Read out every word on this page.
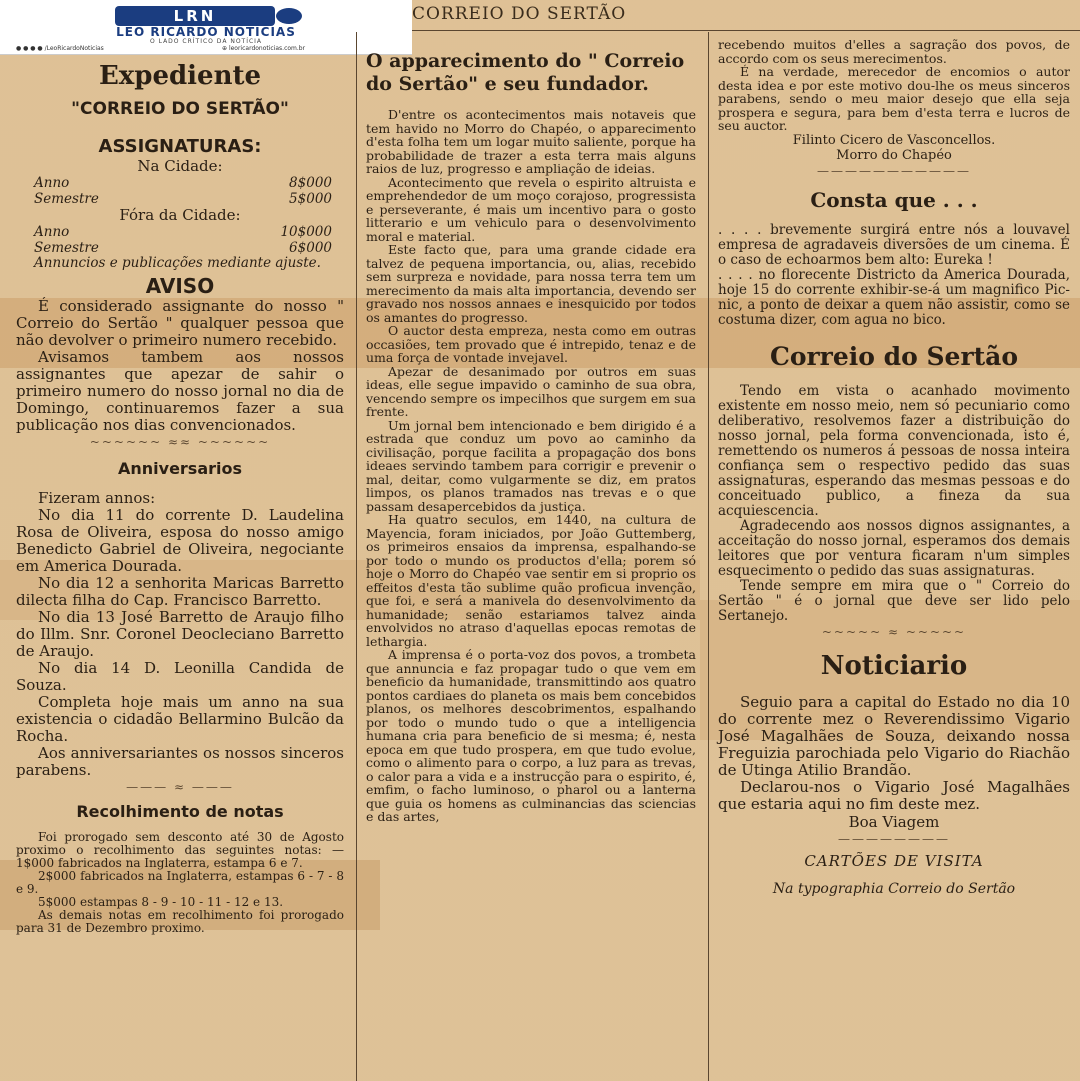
LRN
LEO RICARDO NOTÍCIAS
O LADO CRÍTICO DA NOTÍCIA
● ● ● ● /LeoRicardoNoticias	⊕ leoricardonoticias.com.br
CORREIO DO SERTÃO
Expediente
"CORREIO DO SERTÃO"
ASSIGNATURAS:
Na Cidade:
Anno	8$000
Semestre	5$000
Fóra da Cidade:
Anno	10$000
Semestre	6$000

Annuncios e publicações mediante ajuste.

AVISO

É considerado assignante do nosso " Correio do Sertão " qualquer pessoa que não devolver o primeiro numero recebido.

Avisamos tambem aos nossos assignantes que apezar de sahir o primeiro numero do nosso jornal no dia de Domingo, continuaremos fazer a sua publicação nos dias convencionados.

~~~~~~ ≈≈ ~~~~~~
Anniversarios

Fizeram annos:

No dia 11 do corrente D. Laudelina Rosa de Oliveira, esposa do nosso amigo Benedicto Gabriel de Oliveira, negociante em America Dourada.

No dia 12 a senhorita Maricas Barretto dilecta filha do Cap. Francisco Barretto.

No dia 13 José Barretto de Araujo filho do Illm. Snr. Coronel Deocleciano Barretto de Araujo.

No dia 14 D. Leonilla Candida de Souza.

Completa hoje mais um anno na sua existencia o cidadão Bellarmino Bulcão da Rocha.

Aos anniversariantes os nossos sinceros parabens.

——— ≈ ———
Recolhimento de notas

Foi prorogado sem desconto até 30 de Agosto proximo o recolhimento das seguintes notas: — 1$000 fabricados na Inglaterra, estampa 6 e 7.

2$000 fabricados na Inglaterra, estampas 6 - 7 - 8 e 9.

5$000 estampas 8 - 9 - 10 - 11 - 12 e 13.

As demais notas em recolhimento foi prorogado para 31 de Dezembro proximo.

O apparecimento do " Correio do Sertão" e seu fundador.

D'entre os acontecimentos mais notaveis que tem havido no Morro do Chapéo, o apparecimento d'esta folha tem um logar muito saliente, porque ha probabilidade de trazer a esta terra mais alguns raios de luz, progresso e ampliação de ideias.

Acontecimento que revela o espirito altruista e emprehendedor de um moço corajoso, progressista e perseverante, é mais um incentivo para o gosto litterario e um vehiculo para o desenvolvimento moral e material.

Este facto que, para uma grande cidade era talvez de pequena importancia, ou, alias, recebido sem surpreza e novidade, para nossa terra tem um merecimento da mais alta importancia, devendo ser gravado nos nossos annaes e inesquicido por todos os amantes do progresso.

O auctor desta empreza, nesta como em outras occasiões, tem provado que é intrepido, tenaz e de uma força de vontade invejavel.

Apezar de desanimado por outros em suas ideas, elle segue impavido o caminho de sua obra, vencendo sempre os impecilhos que surgem em sua frente.

Um jornal bem intencionado e bem dirigido é a estrada que conduz um povo ao caminho da civilisação, porque facilita a propagação dos bons ideaes servindo tambem para corrigir e prevenir o mal, deitar, como vulgarmente se diz, em pratos limpos, os planos tramados nas trevas e o que passam desapercebidos da justiça.

Ha quatro seculos, em 1440, na cultura de Mayencia, foram iniciados, por João Guttemberg, os primeiros ensaios da imprensa, espalhando-se por todo o mundo os productos d'ella; porem só hoje o Morro do Chapéo vae sentir em si proprio os effeitos d'esta tão sublime quão proficua invenção, que foi, e será a manivela do desenvolvimento da humanidade; senão estariamos talvez ainda envolvidos no atraso d'aquellas epocas remotas de lethargia.

A imprensa é o porta-voz dos povos, a trombeta que annuncia e faz propagar tudo o que vem em beneficio da humanidade, transmittindo aos quatro pontos cardiaes do planeta os mais bem concebidos planos, os melhores descobrimentos, espalhando por todo o mundo tudo o que a intelligencia humana cria para beneficio de si mesma; é, nesta epoca em que tudo prospera, em que tudo evolue, como o alimento para o corpo, a luz para as trevas, o calor para a vida e a instrucção para o espirito, é, emfim, o facho luminoso, o pharol ou a lanterna que guia os homens as culminancias das sciencias e das artes,

recebendo muitos d'elles a sagração dos povos, de accordo com os seus merecimentos.

É na verdade, merecedor de encomios o autor desta idea e por este motivo dou-lhe os meus sinceros parabens, sendo o meu maior desejo que ella seja prospera e segura, para bem d'esta terra e lucros de seu auctor.

Filinto Cicero de Vasconcellos.
Morro do Chapéo
———————————
Consta que . . .

. . . . brevemente surgirá entre nós a louvavel empresa de agradaveis diversões de um cinema. É o caso de echoarmos bem alto: Eureka !

. . . . no florecente Districto da America Dourada, hoje 15 do corrente exhibir-se-á um magnifico Pic-nic, a ponto de deixar a quem não assistir, como se costuma dizer, com agua no bico.

Correio do Sertão

Tendo em vista o acanhado movimento existente em nosso meio, nem só pecuniario como deliberativo, resolvemos fazer a distribuição do nosso jornal, pela forma convencionada, isto é, remettendo os numeros á pessoas de nossa inteira confiança sem o respectivo pedido das suas assignaturas, esperando das mesmas pessoas e do conceituado publico, a fineza da sua acquiescencia.

Agradecendo aos nossos dignos assignantes, a acceitação do nosso jornal, esperamos dos demais leitores que por ventura ficaram n'um simples esquecimento o pedido das suas assignaturas.

Tende sempre em mira que o " Correio do Sertão " é o jornal que deve ser lido pelo Sertanejo.

~~~~~ ≈ ~~~~~
Noticiario

Seguio para a capital do Estado no dia 10 do corrente mez o Reverendissimo Vigario José Magalhães de Souza, deixando nossa Freguizia parochiada pelo Vigario do Riachão de Utinga Atilio Brandão.

Declarou-nos o Vigario José Magalhães que estaria aqui no fim deste mez.

Boa Viagem
————————
CARTÕES DE VISITA
Na typographia Correio do Sertão
